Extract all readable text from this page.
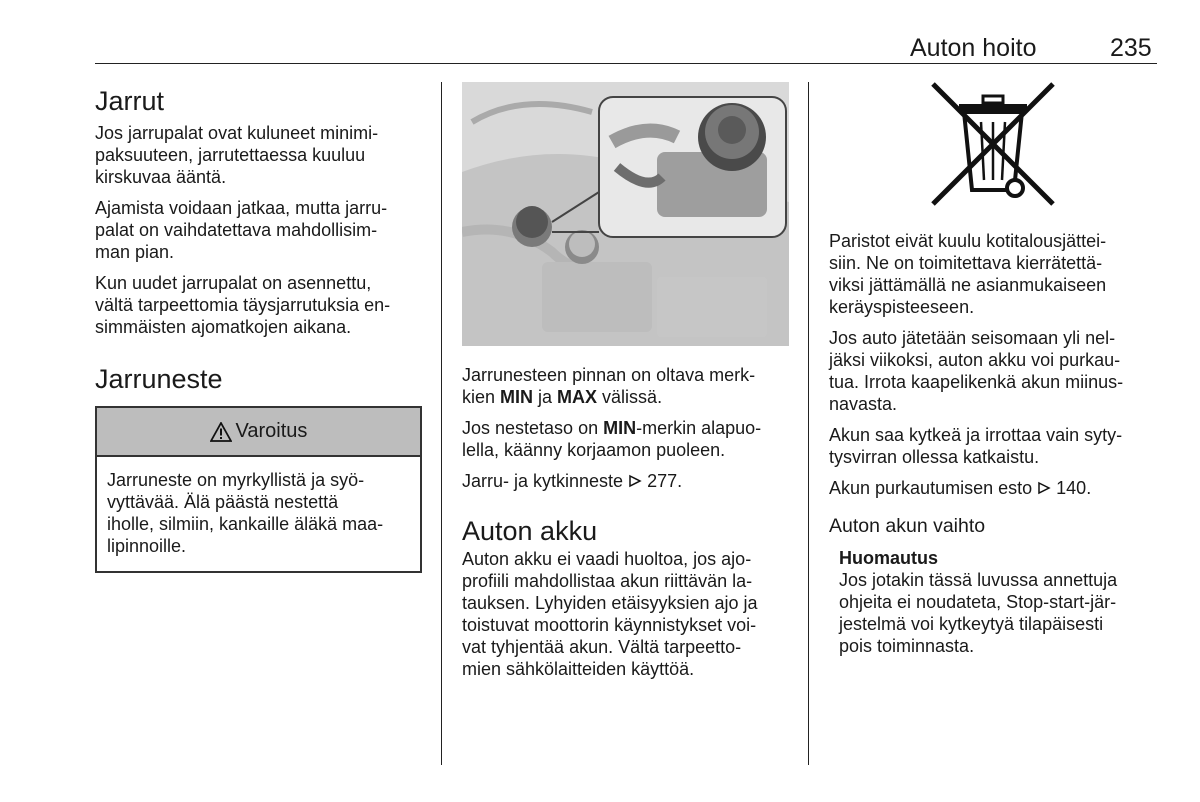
Auton hoito	235
Jarrut

Jos jarrupalat ovat kuluneet minimi-
paksuuteen, jarrutettaessa kuuluu
kirskuvaa ääntä.

Ajamista voidaan jatkaa, mutta jarru-
palat on vaihdatettava mahdollisim-
man pian.

Kun uudet jarrupalat on asennettu,
vältä tarpeettomia täysjarrutuksia en-
simmäisten ajomatkojen aikana.

Jarruneste
Varoitus

Jarruneste on myrkyllistä ja syö-
vyttävää. Älä päästä nestettä
iholle, silmiin, kankaille äläkä maa-
lipinnoille.

Jarrunesteen pinnan on oltava merk-
kien MIN ja MAX välissä.

Jos nestetaso on MIN-merkin alapuo-
lella, käänny korjaamon puoleen.

Jarru- ja kytkinneste  277.

Auton akku

Auton akku ei vaadi huoltoa, jos ajo-
profiili mahdollistaa akun riittävän la-
tauksen. Lyhyiden etäisyyksien ajo ja
toistuvat moottorin käynnistykset voi-
vat tyhjentää akun. Vältä tarpeetto-
mien sähkölaitteiden käyttöä.

Paristot eivät kuulu kotitalousjättei-
siin. Ne on toimitettava kierrätettä-
viksi jättämällä ne asianmukaiseen
keräyspisteeseen.

Jos auto jätetään seisomaan yli nel-
jäksi viikoksi, auton akku voi purkau-
tua. Irrota kaapelikenkä akun miinus-
navasta.

Akun saa kytkeä ja irrottaa vain syty-
tysvirran ollessa katkaistu.

Akun purkautumisen esto  140.

Auton akun vaihto
Huomautus

Jos jotakin tässä luvussa annettuja
ohjeita ei noudateta, Stop-start-jär-
jestelmä voi kytkeytyä tilapäisesti
pois toiminnasta.
